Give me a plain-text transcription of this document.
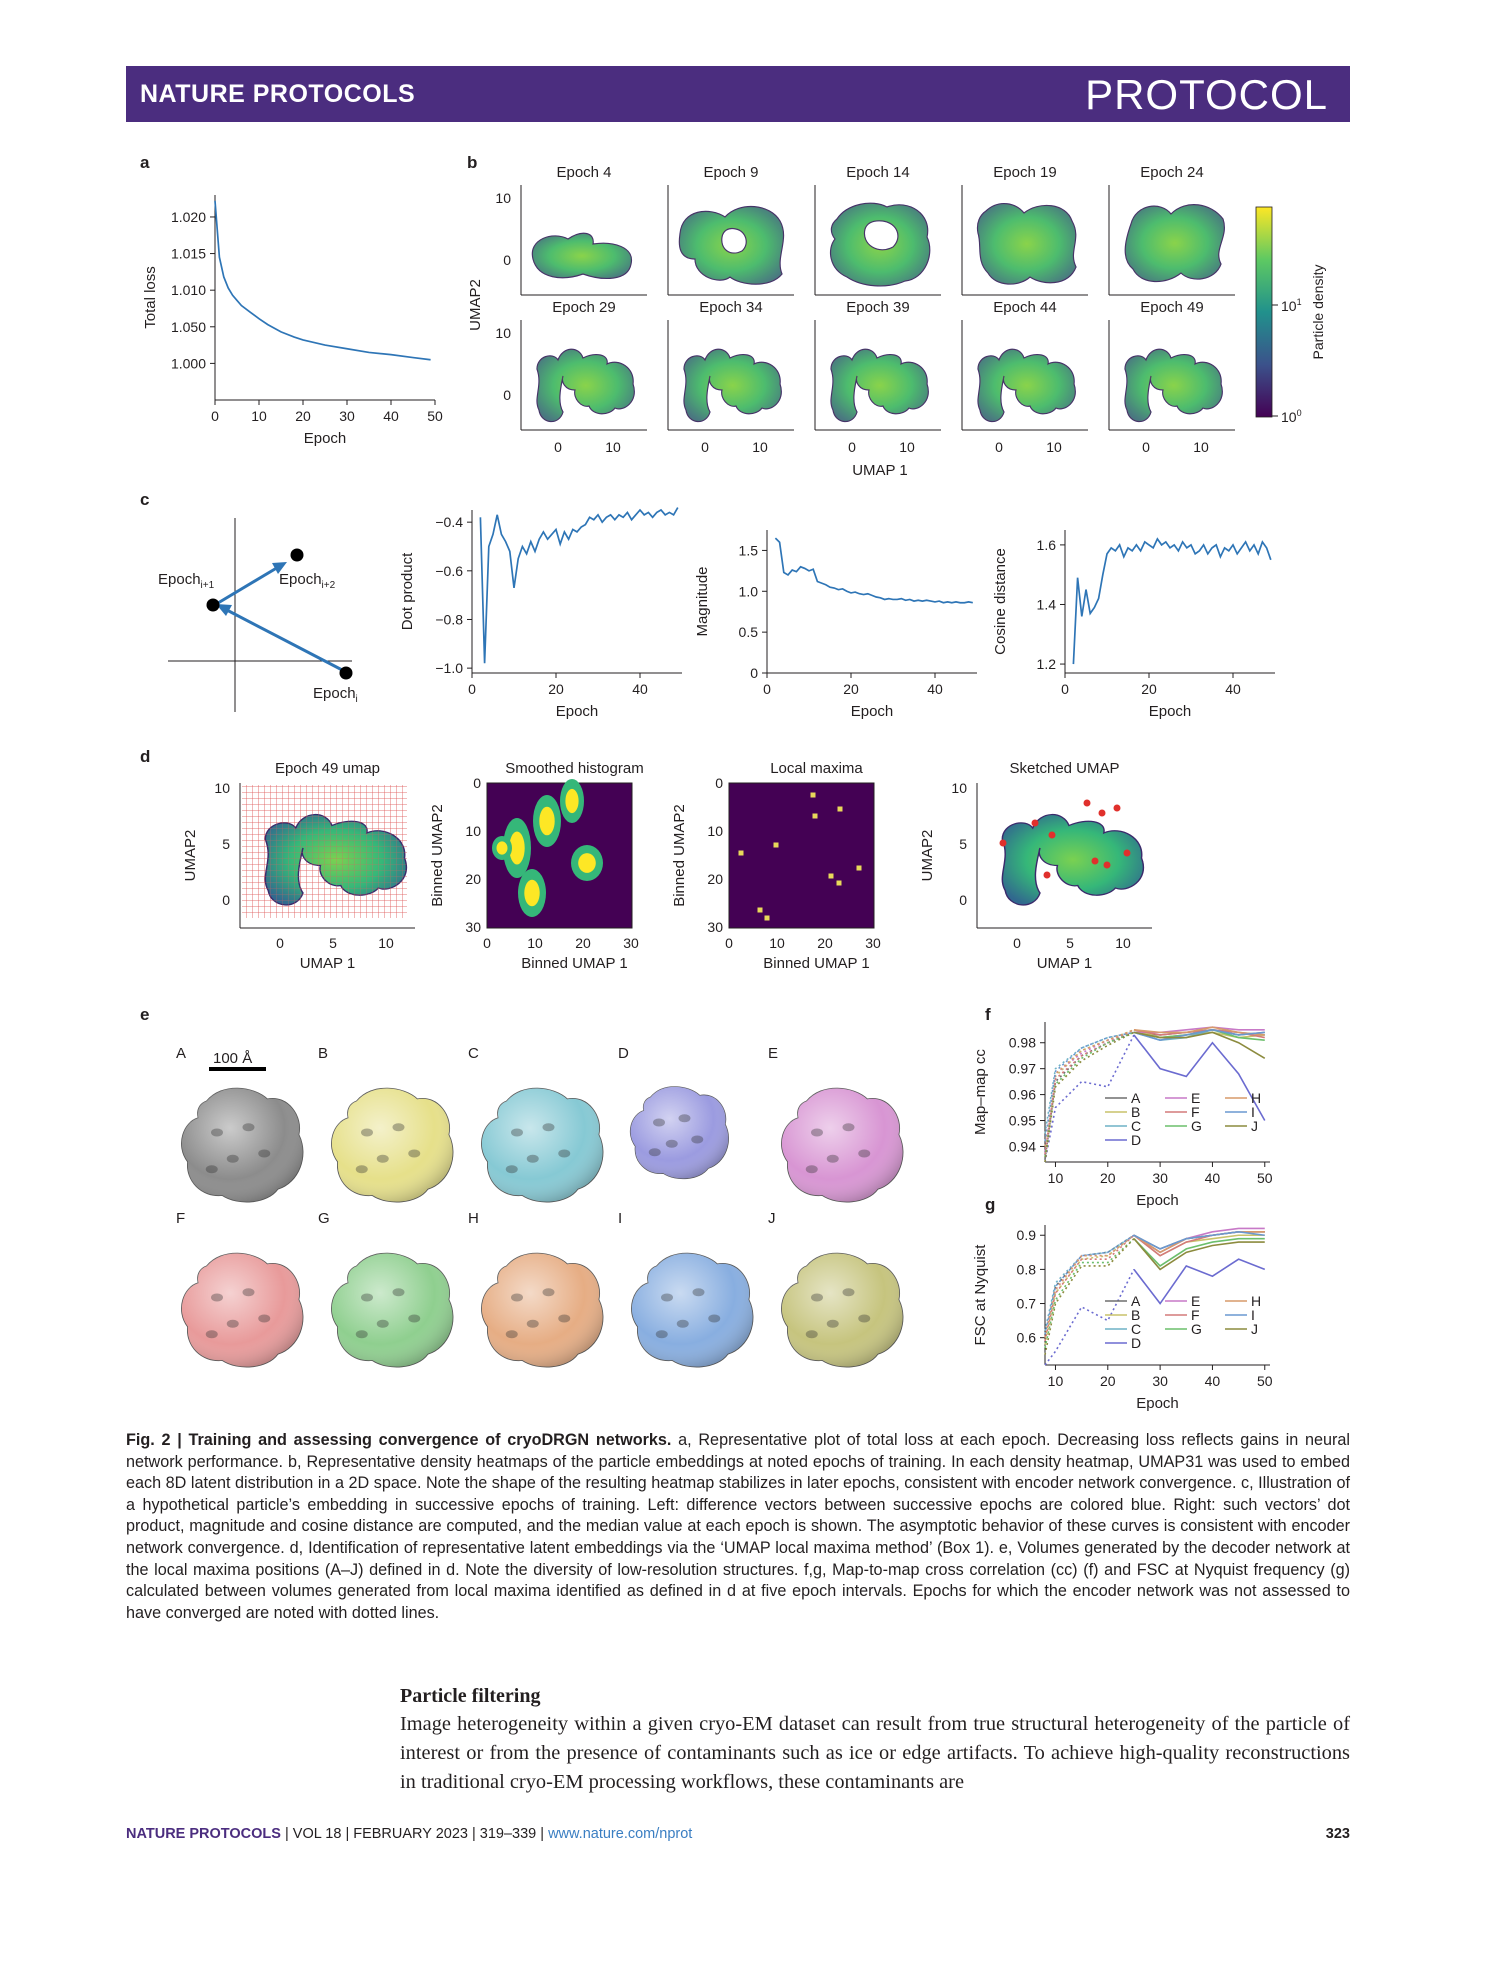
NATURE PROTOCOLS	PROTOCOL
a	b
c
d
e	f
g
0 10 20 30 40 50
1.000
1.050
1.010
1.015
1.020
Epoch
Total loss
0	20	40
−1.0
−0.8
−0.6
−0.4
Epoch
Dot product
0	20	40
0
0.5
1.0
1.5
Epoch
Magnitude
0	20	40
1.2
1.4
1.6
Epoch
Cosine distance
10	20	30	40	50
0.94
0.95
0.96
0.97
0.98
Epoch
Map–map cc	A
B
C
D
E
F
G
H
I
J
10	20	30	40	50
0.6
0.7
0.8
0.9
Epoch
FSC at Nyquist	A
B
C
D
E
F
G
H
I
J
Epoch 4
10
0
Epoch 9	Epoch 14	Epoch 19	Epoch 24
Epoch 29
10
0
0	10
Epoch 34
0	10
Epoch 39
0	10
Epoch 44
0	10
Epoch 49
0	10
UMAP2
UMAP 1
$10^1$
$10^0$
Particle density
Epoch$_{i+1}$	Epoch$_{i+2}$
Epoch$_i$
Epoch 49 umap
UMAP 1
UMAP2
10
5
0
0	5	10
Smoothed histogram
Binned UMAP 1
Binned UMAP2
0
0
10
10
20
20
30
30
Local maxima
Binned UMAP 1
Binned UMAP2
0
0
10
10
20
20
30
30
Sketched UMAP
UMAP 1
UMAP2
10
5
0
0	5	10
100 Å
A	B	C	D	E
F	G	H	I	J
Fig. 2 | Training and assessing convergence of cryoDRGN networks. a, Representative plot of total loss at each epoch. Decreasing loss reflects gains in neural network performance. b, Representative density heatmaps of the particle embeddings at noted epochs of training. In each density heatmap, UMAP31 was used to embed each 8D latent distribution in a 2D space. Note the shape of the resulting heatmap stabilizes in later epochs, consistent with encoder network convergence. c, Illustration of a hypothetical particle’s embedding in successive epochs of training. Left: difference vectors between successive epochs are colored blue. Right: such vectors’ dot product, magnitude and cosine distance are computed, and the median value at each epoch is shown. The asymptotic behavior of these curves is consistent with encoder network convergence. d, Identification of representative latent embeddings via the ‘UMAP local maxima method’ (Box 1). e, Volumes generated by the decoder network at the local maxima positions (A–J) defined in d. Note the diversity of low-resolution structures. f,g, Map-to-map cross correlation (cc) (f) and FSC at Nyquist frequency (g) calculated between volumes generated from local maxima identified as defined in d at five epoch intervals. Epochs for which the encoder network was not assessed to have converged are noted with dotted lines.
Particle filtering

Image heterogeneity within a given cryo-EM dataset can result from true structural heterogeneity of the particle of interest or from the presence of contaminants such as ice or edge artifacts. To achieve high-quality reconstructions in traditional cryo-EM processing workflows, these contaminants are

NATURE PROTOCOLS | VOL 18 | FEBRUARY 2023 | 319–339 | www.nature.com/nprot	323
